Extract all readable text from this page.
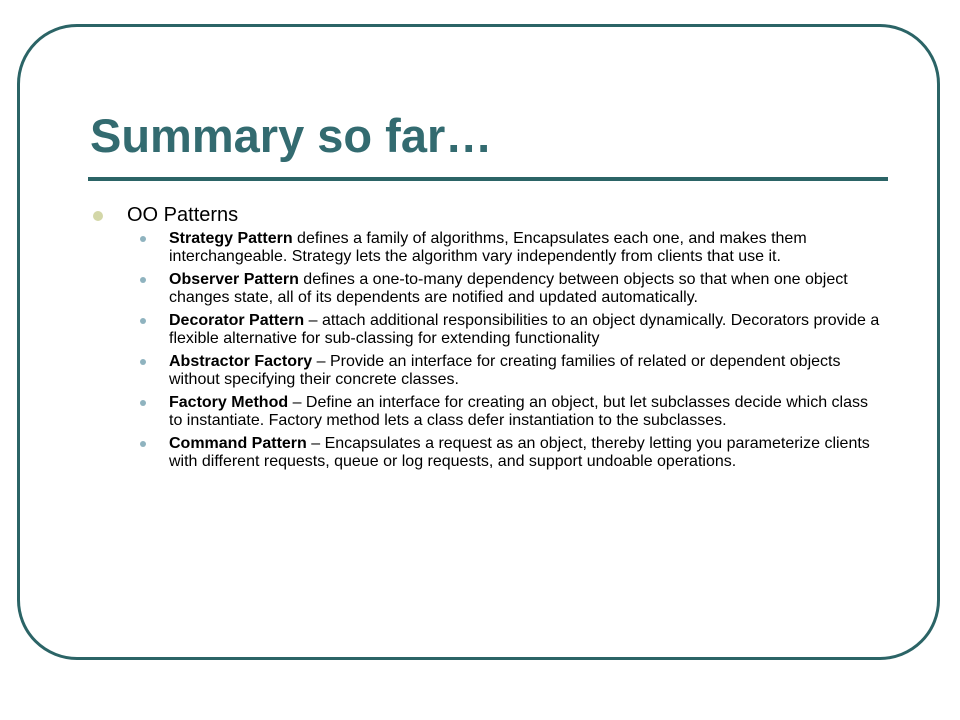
Summary so far…
OO Patterns
Strategy Pattern defines a family of algorithms, Encapsulates each one, and makes them interchangeable. Strategy lets the algorithm vary independently from clients that use it.
Observer Pattern defines a one-to-many dependency between objects so that when one object changes state, all of its dependents are notified and updated automatically.
Decorator Pattern – attach additional responsibilities to an object dynamically. Decorators provide a flexible alternative for sub-classing for extending functionality
Abstractor Factory – Provide an interface for creating families of related or dependent objects without specifying their concrete classes.
Factory Method – Define an interface for creating an object, but let subclasses decide which class to instantiate. Factory method lets a class defer instantiation to the subclasses.
Command Pattern – Encapsulates a request as an object, thereby letting you parameterize clients with different requests, queue or log requests, and support undoable operations.
